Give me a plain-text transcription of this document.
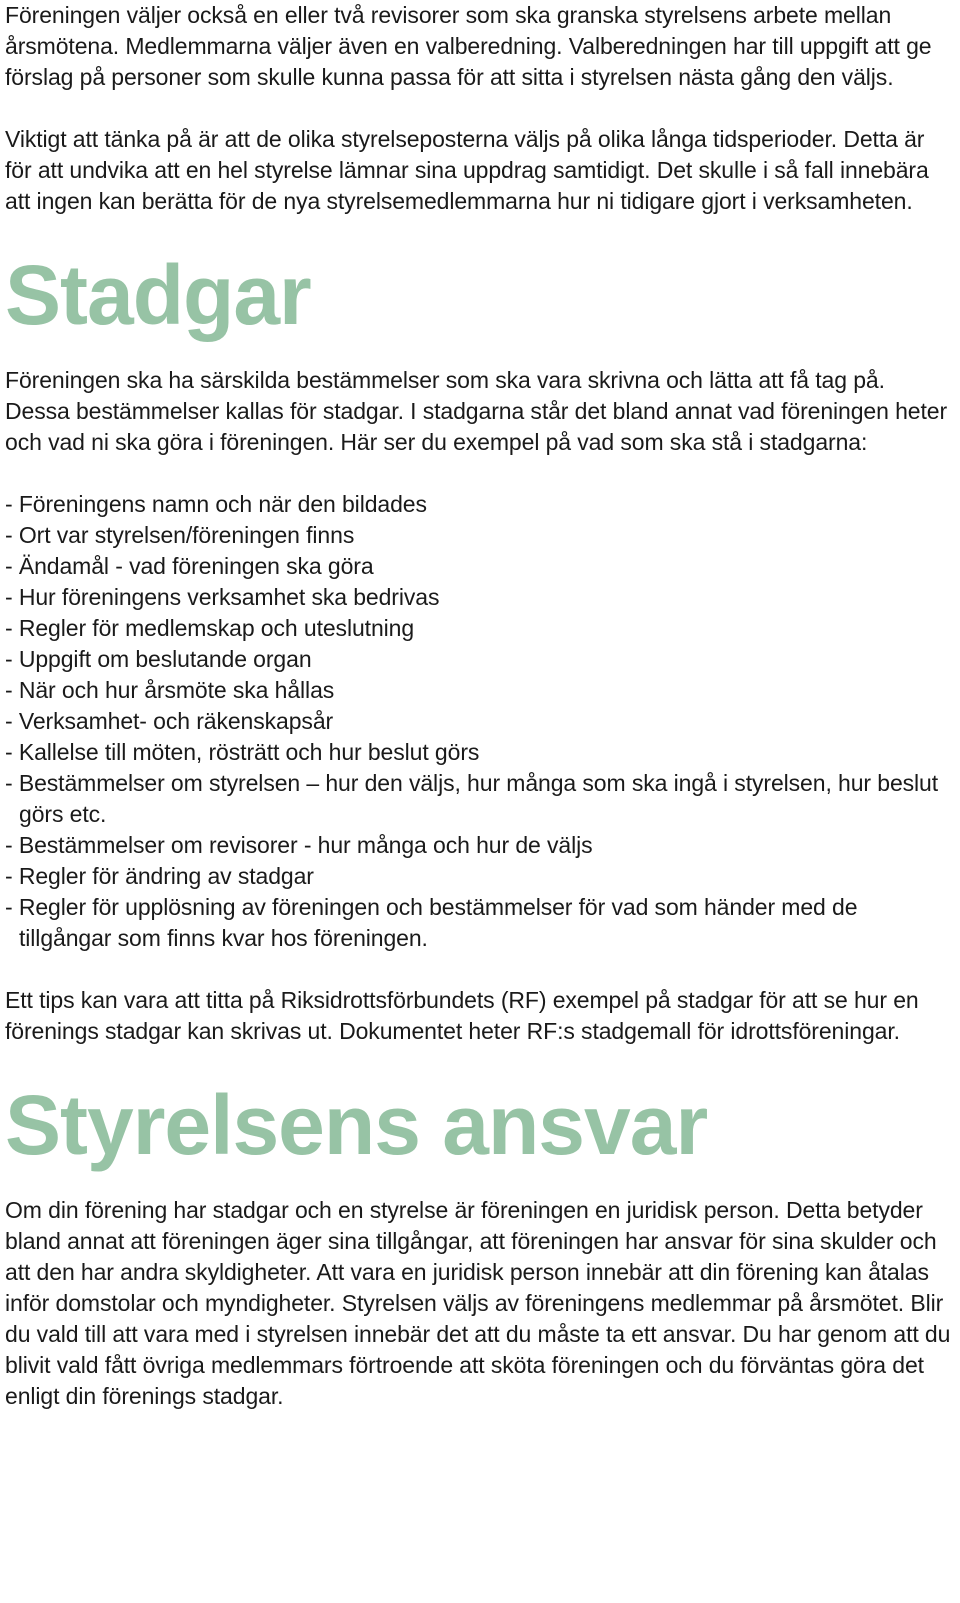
Föreningen väljer också en eller två revisorer som ska granska styrelsens arbete mellan årsmötena. Medlemmarna väljer även en valberedning. Valberedningen har till uppgift att ge förslag på personer som skulle kunna passa för att sitta i styrelsen nästa gång den väljs.

Viktigt att tänka på är att de olika styrelseposterna väljs på olika långa tidsperioder. Detta är för att undvika att en hel styrelse lämnar sina uppdrag samtidigt. Det skulle i så fall innebära att ingen kan berätta för de nya styrelsemedlemmarna hur ni tidigare gjort i verksamheten.

Stadgar

Föreningen ska ha särskilda bestämmelser som ska vara skrivna och lätta att få tag på. Dessa bestämmelser kallas för stadgar. I stadgarna står det bland annat vad föreningen heter och vad ni ska göra i föreningen. Här ser du exempel på vad som ska stå i stadgarna:

- Föreningens namn och när den bildades
- Ort var styrelsen/föreningen finns
- Ändamål - vad föreningen ska göra
- Hur föreningens verksamhet ska bedrivas
- Regler för medlemskap och uteslutning
- Uppgift om beslutande organ
- När och hur årsmöte ska hållas
- Verksamhet- och räkenskapsår
- Kallelse till möten, rösträtt och hur beslut görs
- Bestämmelser om styrelsen – hur den väljs, hur många som ska ingå i styrelsen, hur beslut görs etc.
- Bestämmelser om revisorer - hur många och hur de väljs
- Regler för ändring av stadgar
- Regler för upplösning av föreningen och bestämmelser för vad som händer med de tillgångar som finns kvar hos föreningen.

Ett tips kan vara att titta på Riksidrottsförbundets (RF) exempel på stadgar för att se hur en förenings stadgar kan skrivas ut. Dokumentet heter RF:s stadgemall för idrottsföreningar.

Styrelsens ansvar

Om din förening har stadgar och en styrelse är föreningen en juridisk person. Detta betyder bland annat att föreningen äger sina tillgångar, att föreningen har ansvar för sina skulder och att den har andra skyldigheter. Att vara en juridisk person innebär att din förening kan åtalas inför domstolar och myndigheter. Styrelsen väljs av föreningens medlemmar på årsmötet. Blir du vald till att vara med i styrelsen innebär det att du måste ta ett ansvar. Du har genom att du blivit vald fått övriga medlemmars förtroende att sköta föreningen och du förväntas göra det enligt din förenings stadgar.
